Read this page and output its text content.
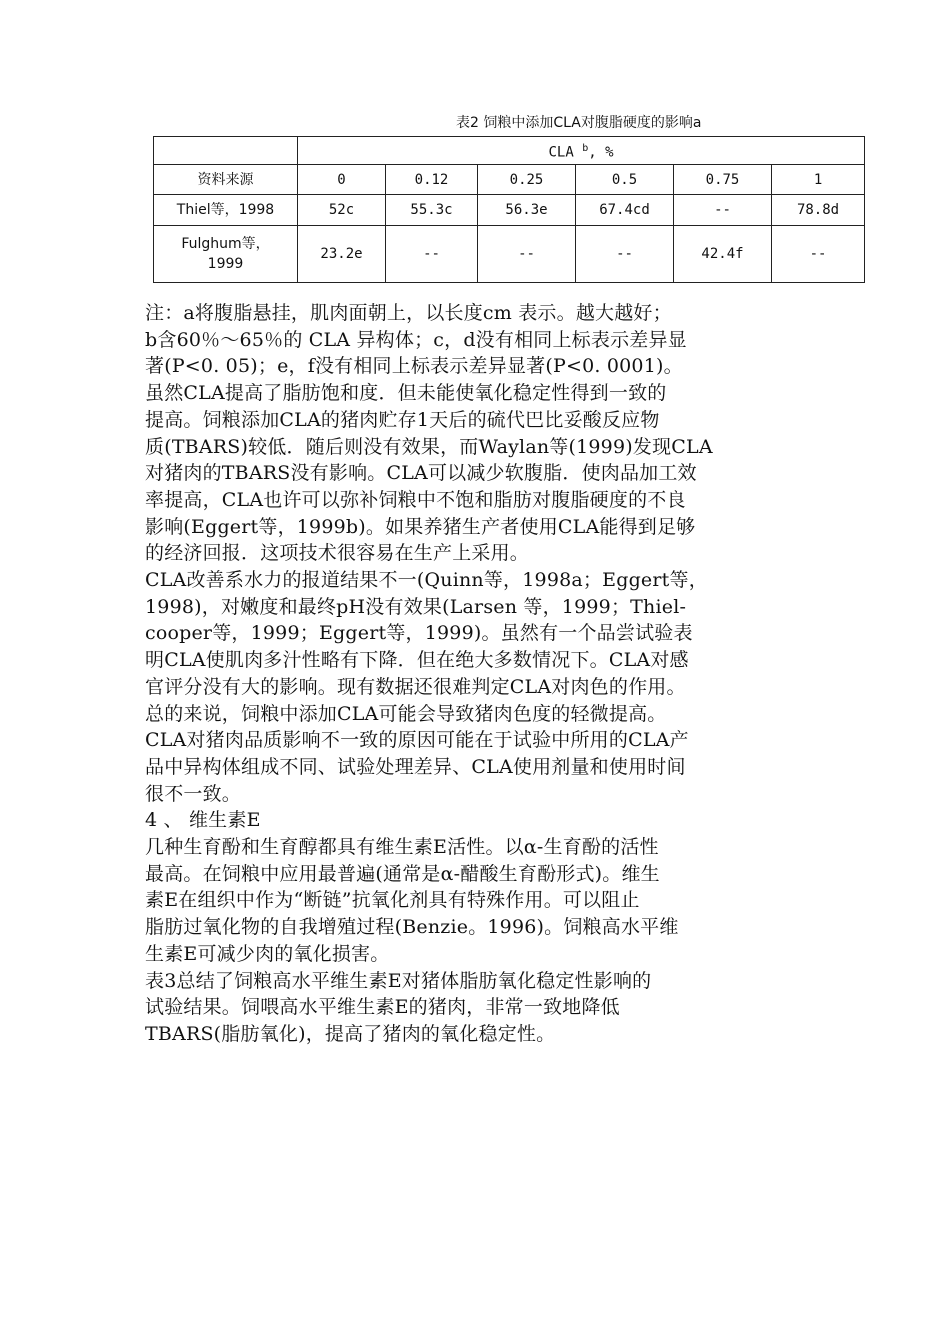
表2 饲粮中添加CLA对腹脂硬度的影响a
	CLA $^b$, %					
资料来源	0	0.12	0.25	0.5	0.75	1
Thiel等，1998	52c	55.3c	56.3e	67.4cd	--	78.8d
Fulghum等，
1999	23.2e	--	--	--	42.4f	--

注：a将腹脂悬挂，肌肉面朝上，以长度cm 表示。越大越好；

b含60％～65％的 CLA 异构体；c，d没有相同上标表示差异显

著(P<0. 05)；e，f没有相同上标表示差异显著(P<0. 0001)。

虽然CLA提高了脂肪饱和度．但未能使氧化稳定性得到一致的

提高。饲粮添加CLA的猪肉贮存1天后的硫代巴比妥酸反应物

质(TBARS)较低．随后则没有效果，而Waylan等(1999)发现CLA

对猪肉的TBARS没有影响。CLA可以减少软腹脂．使肉品加工效

率提高，CLA也许可以弥补饲粮中不饱和脂肪对腹脂硬度的不良

影响(Eggert等，1999b)。如果养猪生产者使用CLA能得到足够

的经济回报．这项技术很容易在生产上采用。

CLA改善系水力的报道结果不一(Quinn等，1998a；Eggert等，

1998)，对嫩度和最终pH没有效果(Larsen 等，1999；Thiel-

cooper等，1999；Eggert等，1999)。虽然有一个品尝试验表

明CLA使肌肉多汁性略有下降．但在绝大多数情况下。CLA对感

官评分没有大的影响。现有数据还很难判定CLA对肉色的作用。

总的来说，饲粮中添加CLA可能会导致猪肉色度的轻微提高。

CLA对猪肉品质影响不一致的原因可能在于试验中所用的CLA产

品中异构体组成不同、试验处理差异、CLA使用剂量和使用时间

很不一致。

4 、 维生素E

几种生育酚和生育醇都具有维生素E活性。以α-生育酚的活性

最高。在饲粮中应用最普遍(通常是α-醋酸生育酚形式)。维生

素E在组织中作为“断链”抗氧化剂具有特殊作用。可以阻止

脂肪过氧化物的自我增殖过程(Benzie。1996)。饲粮高水平维

生素E可减少肉的氧化损害。

表3总结了饲粮高水平维生素E对猪体脂肪氧化稳定性影响的

试验结果。饲喂高水平维生素E的猪肉，非常一致地降低

TBARS(脂肪氧化)，提高了猪肉的氧化稳定性。
